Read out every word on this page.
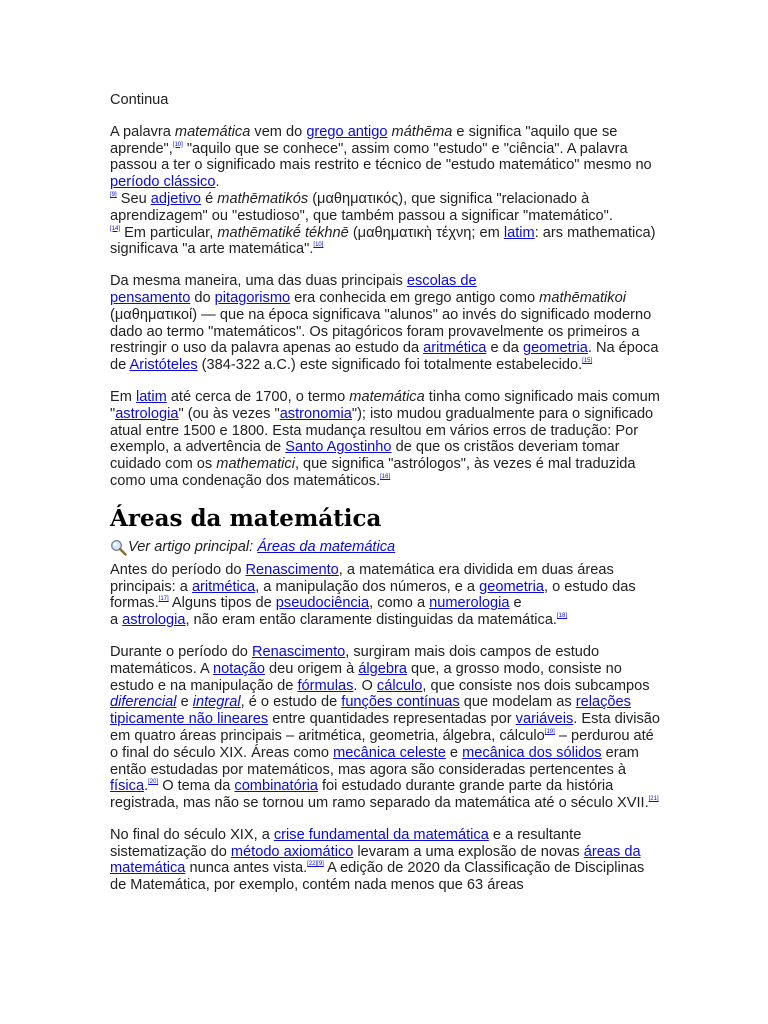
Continua

A palavra matemática vem do grego antigo máthēma e significa "aquilo que se aprende",[10] "aquilo que se conhece", assim como "estudo" e "ciência". A palavra passou a ter o significado mais restrito e técnico de "estudo matemático" mesmo no período clássico.
[9] Seu adjetivo é mathēmatikós (μαθηματικός), que significa "relacionado à aprendizagem" ou "estudioso", que também passou a significar "matemático".
[14] Em particular, mathēmatikḗ tékhnē (μαθηματικὴ τέχνη; em latim: ars mathematica) significava "a arte matemática".[10]

Da mesma maneira, uma das duas principais escolas de
pensamento do pitagorismo era conhecida em grego antigo como mathēmatikoi (μαθηματικοί) — que na época significava "alunos" ao invés do significado moderno dado ao termo "matemáticos". Os pitagóricos foram provavelmente os primeiros a restringir o uso da palavra apenas ao estudo da aritmética e da geometria. Na época de Aristóteles (384-322 a.C.) este significado foi totalmente estabelecido.[15]

Em latim até cerca de 1700, o termo matemática tinha como significado mais comum "astrologia" (ou às vezes "astronomia"); isto mudou gradualmente para o significado atual entre 1500 e 1800. Esta mudança resultou em vários erros de tradução: Por exemplo, a advertência de Santo Agostinho de que os cristãos deveriam tomar cuidado com os mathematici, que significa "astrólogos", às vezes é mal traduzida como uma condenação dos matemáticos.[16]

Áreas da matemática
Ver artigo principal:
Áreas da matemática

Antes do período do Renascimento, a matemática era dividida em duas áreas principais: a aritmética, a manipulação dos números, e a geometria, o estudo das formas.[17] Alguns tipos de pseudociência, como a numerologia e
a astrologia, não eram então claramente distinguidas da matemática.[18]

Durante o período do Renascimento, surgiram mais dois campos de estudo matemáticos. A notação deu origem à álgebra que, a grosso modo, consiste no estudo e na manipulação de fórmulas. O cálculo, que consiste nos dois subcampos diferencial e integral, é o estudo de funções contínuas que modelam as relações tipicamente não lineares entre quantidades representadas por variáveis. Esta divisão em quatro áreas principais – aritmética, geometria, álgebra, cálculo[19] – perdurou até o final do século XIX. Áreas como mecânica celeste e mecânica dos sólidos eram então estudadas por matemáticos, mas agora são consideradas pertencentes à física.[20] O tema da combinatória foi estudado durante grande parte da história registrada, mas não se tornou um ramo separado da matemática até o século XVII.[21]

No final do século XIX, a crise fundamental da matemática e a resultante sistematização do método axiomático levaram a uma explosão de novas áreas da matemática nunca antes vista.[22][9] A edição de 2020 da Classificação de Disciplinas de Matemática, por exemplo, contém nada menos que 63 áreas
